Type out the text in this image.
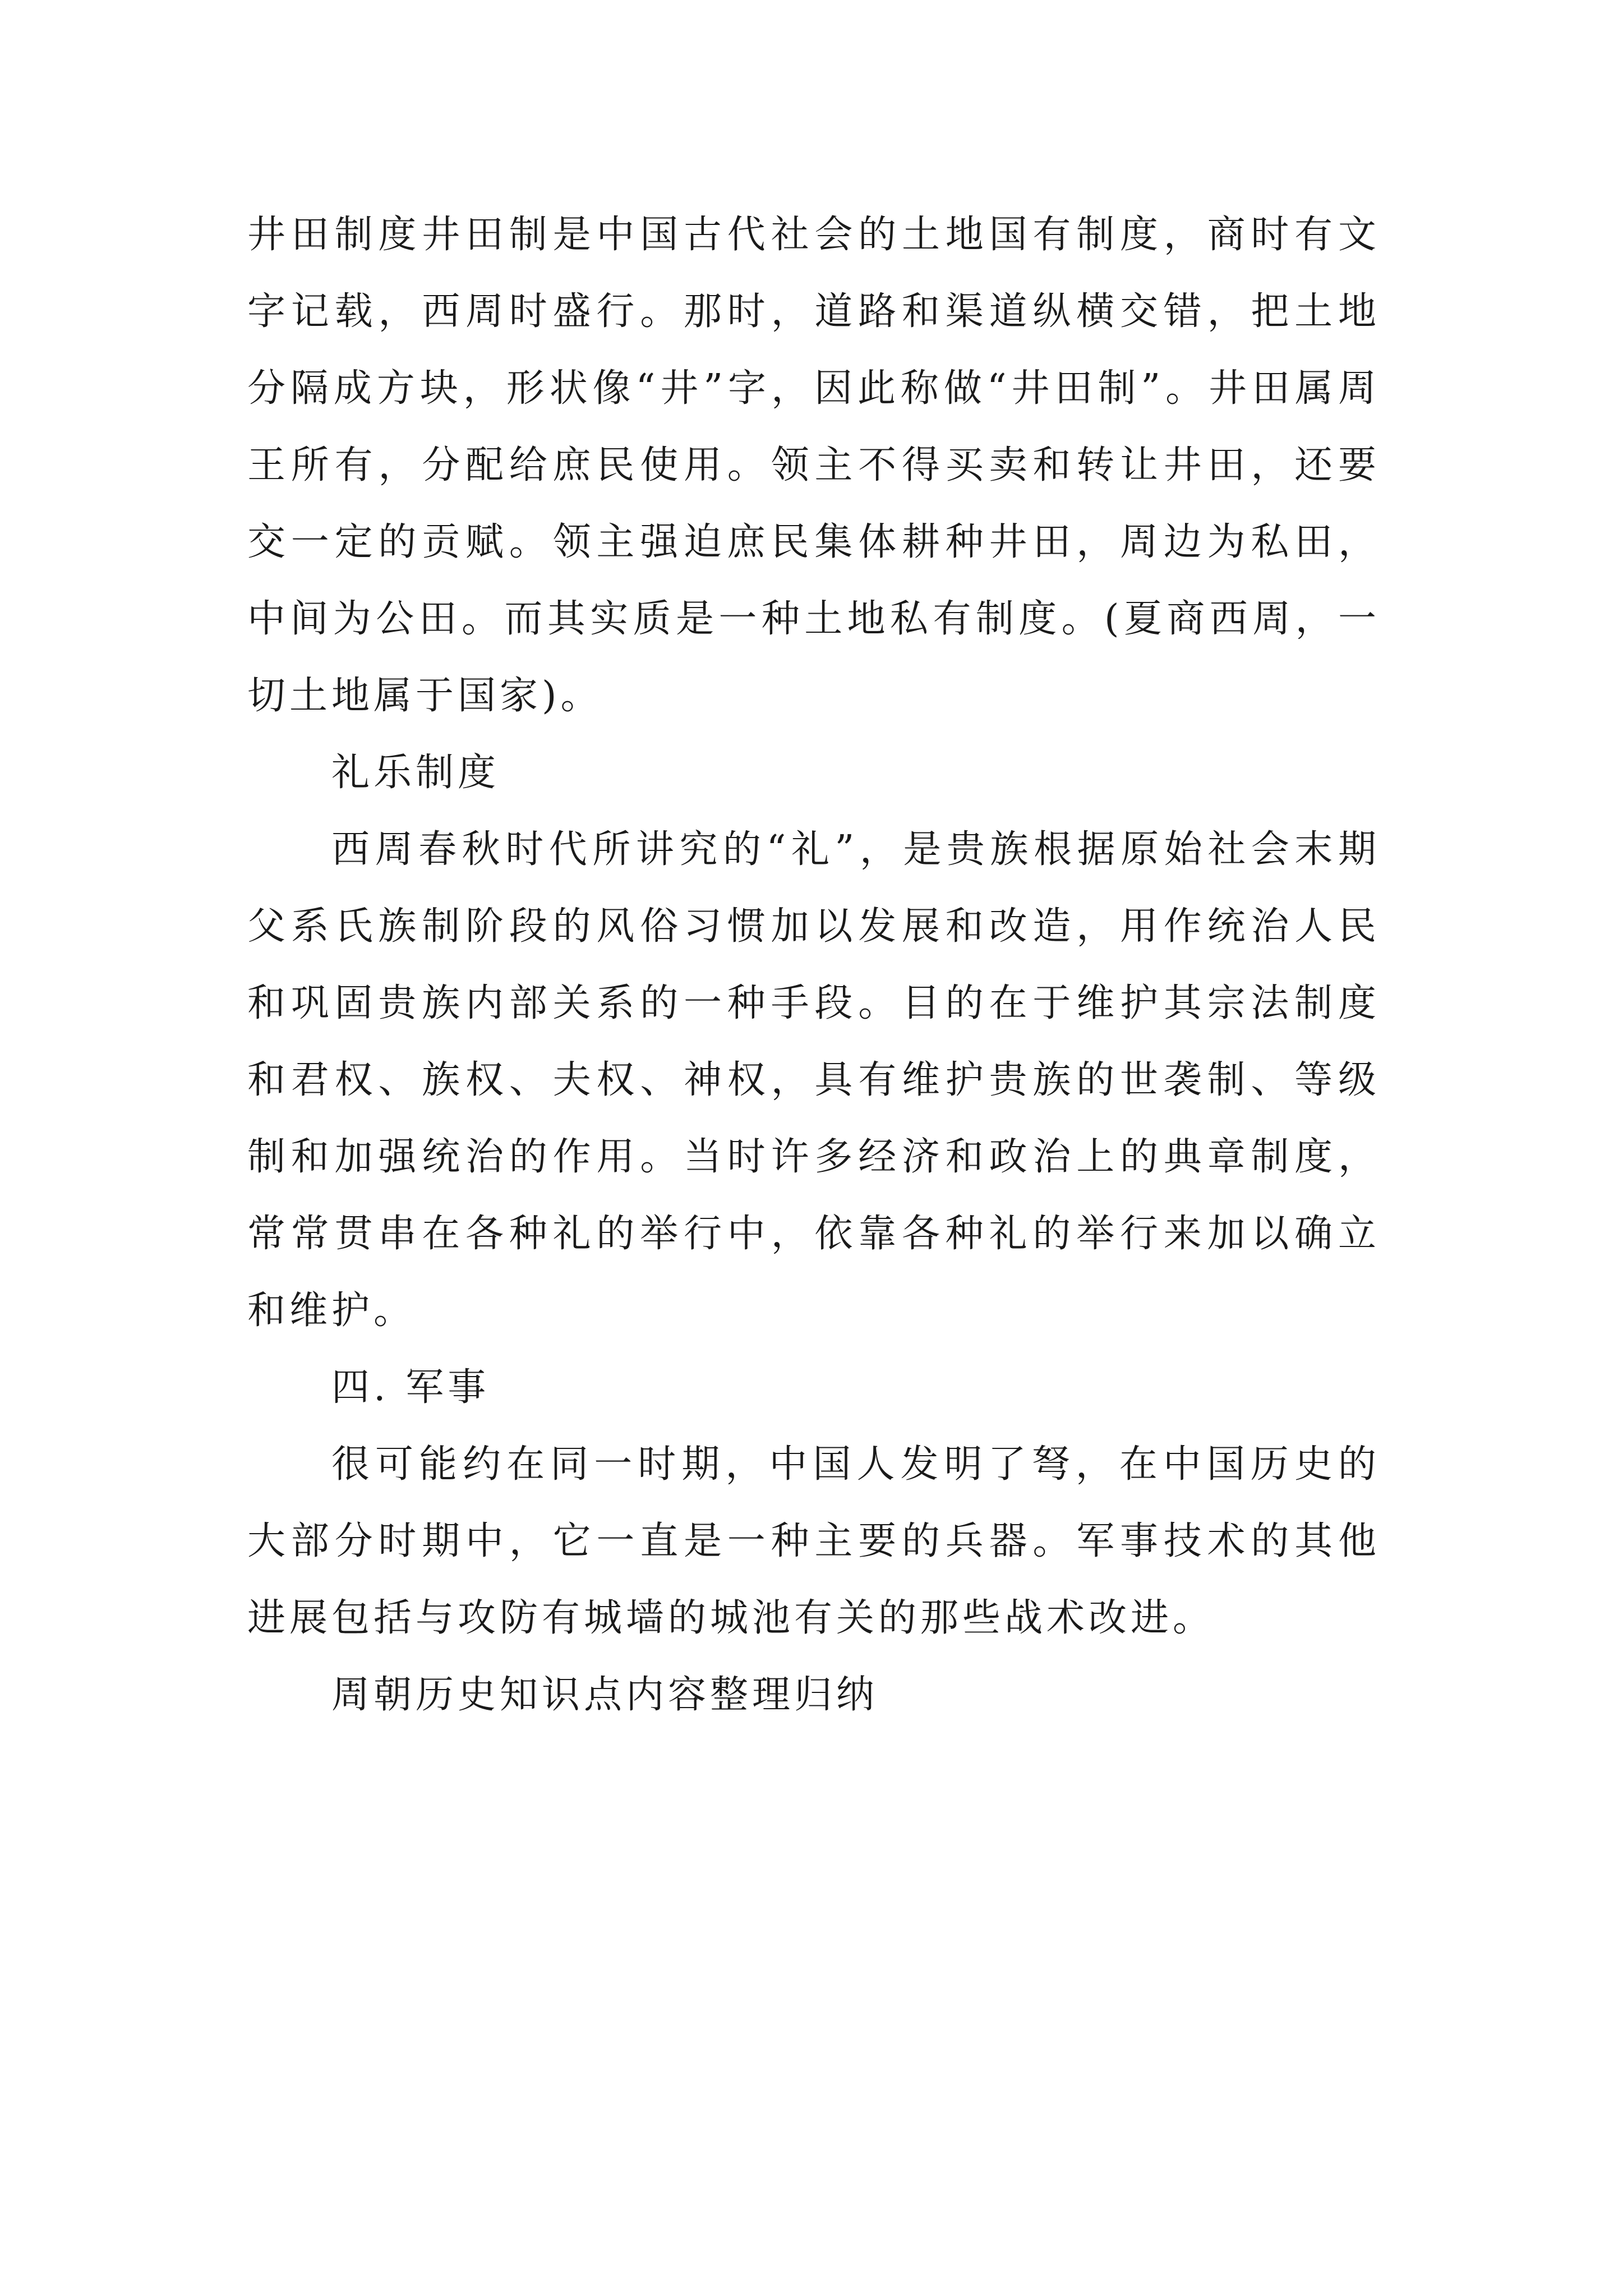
井田制度井田制是中国古代社会的土地国有制度，商时有文字记载，西周时盛行。那时，道路和渠道纵横交错，把土地分隔成方块，形状像“井”字，因此称做“井田制”。井田属周王所有，分配给庶民使用。领主不得买卖和转让井田，还要交一定的贡赋。领主强迫庶民集体耕种井田，周边为私田，中间为公田。而其实质是一种土地私有制度。(夏商西周，一切土地属于国家)。

礼乐制度

西周春秋时代所讲究的“礼”，是贵族根据原始社会末期父系氏族制阶段的风俗习惯加以发展和改造，用作统治人民和巩固贵族内部关系的一种手段。目的在于维护其宗法制度和君权、族权、夫权、神权，具有维护贵族的世袭制、等级制和加强统治的作用。当时许多经济和政治上的典章制度，常常贯串在各种礼的举行中，依靠各种礼的举行来加以确立和维护。

四. 军事

很可能约在同一时期，中国人发明了弩，在中国历史的大部分时期中，它一直是一种主要的兵器。军事技术的其他进展包括与攻防有城墙的城池有关的那些战术改进。

周朝历史知识点内容整理归纳
